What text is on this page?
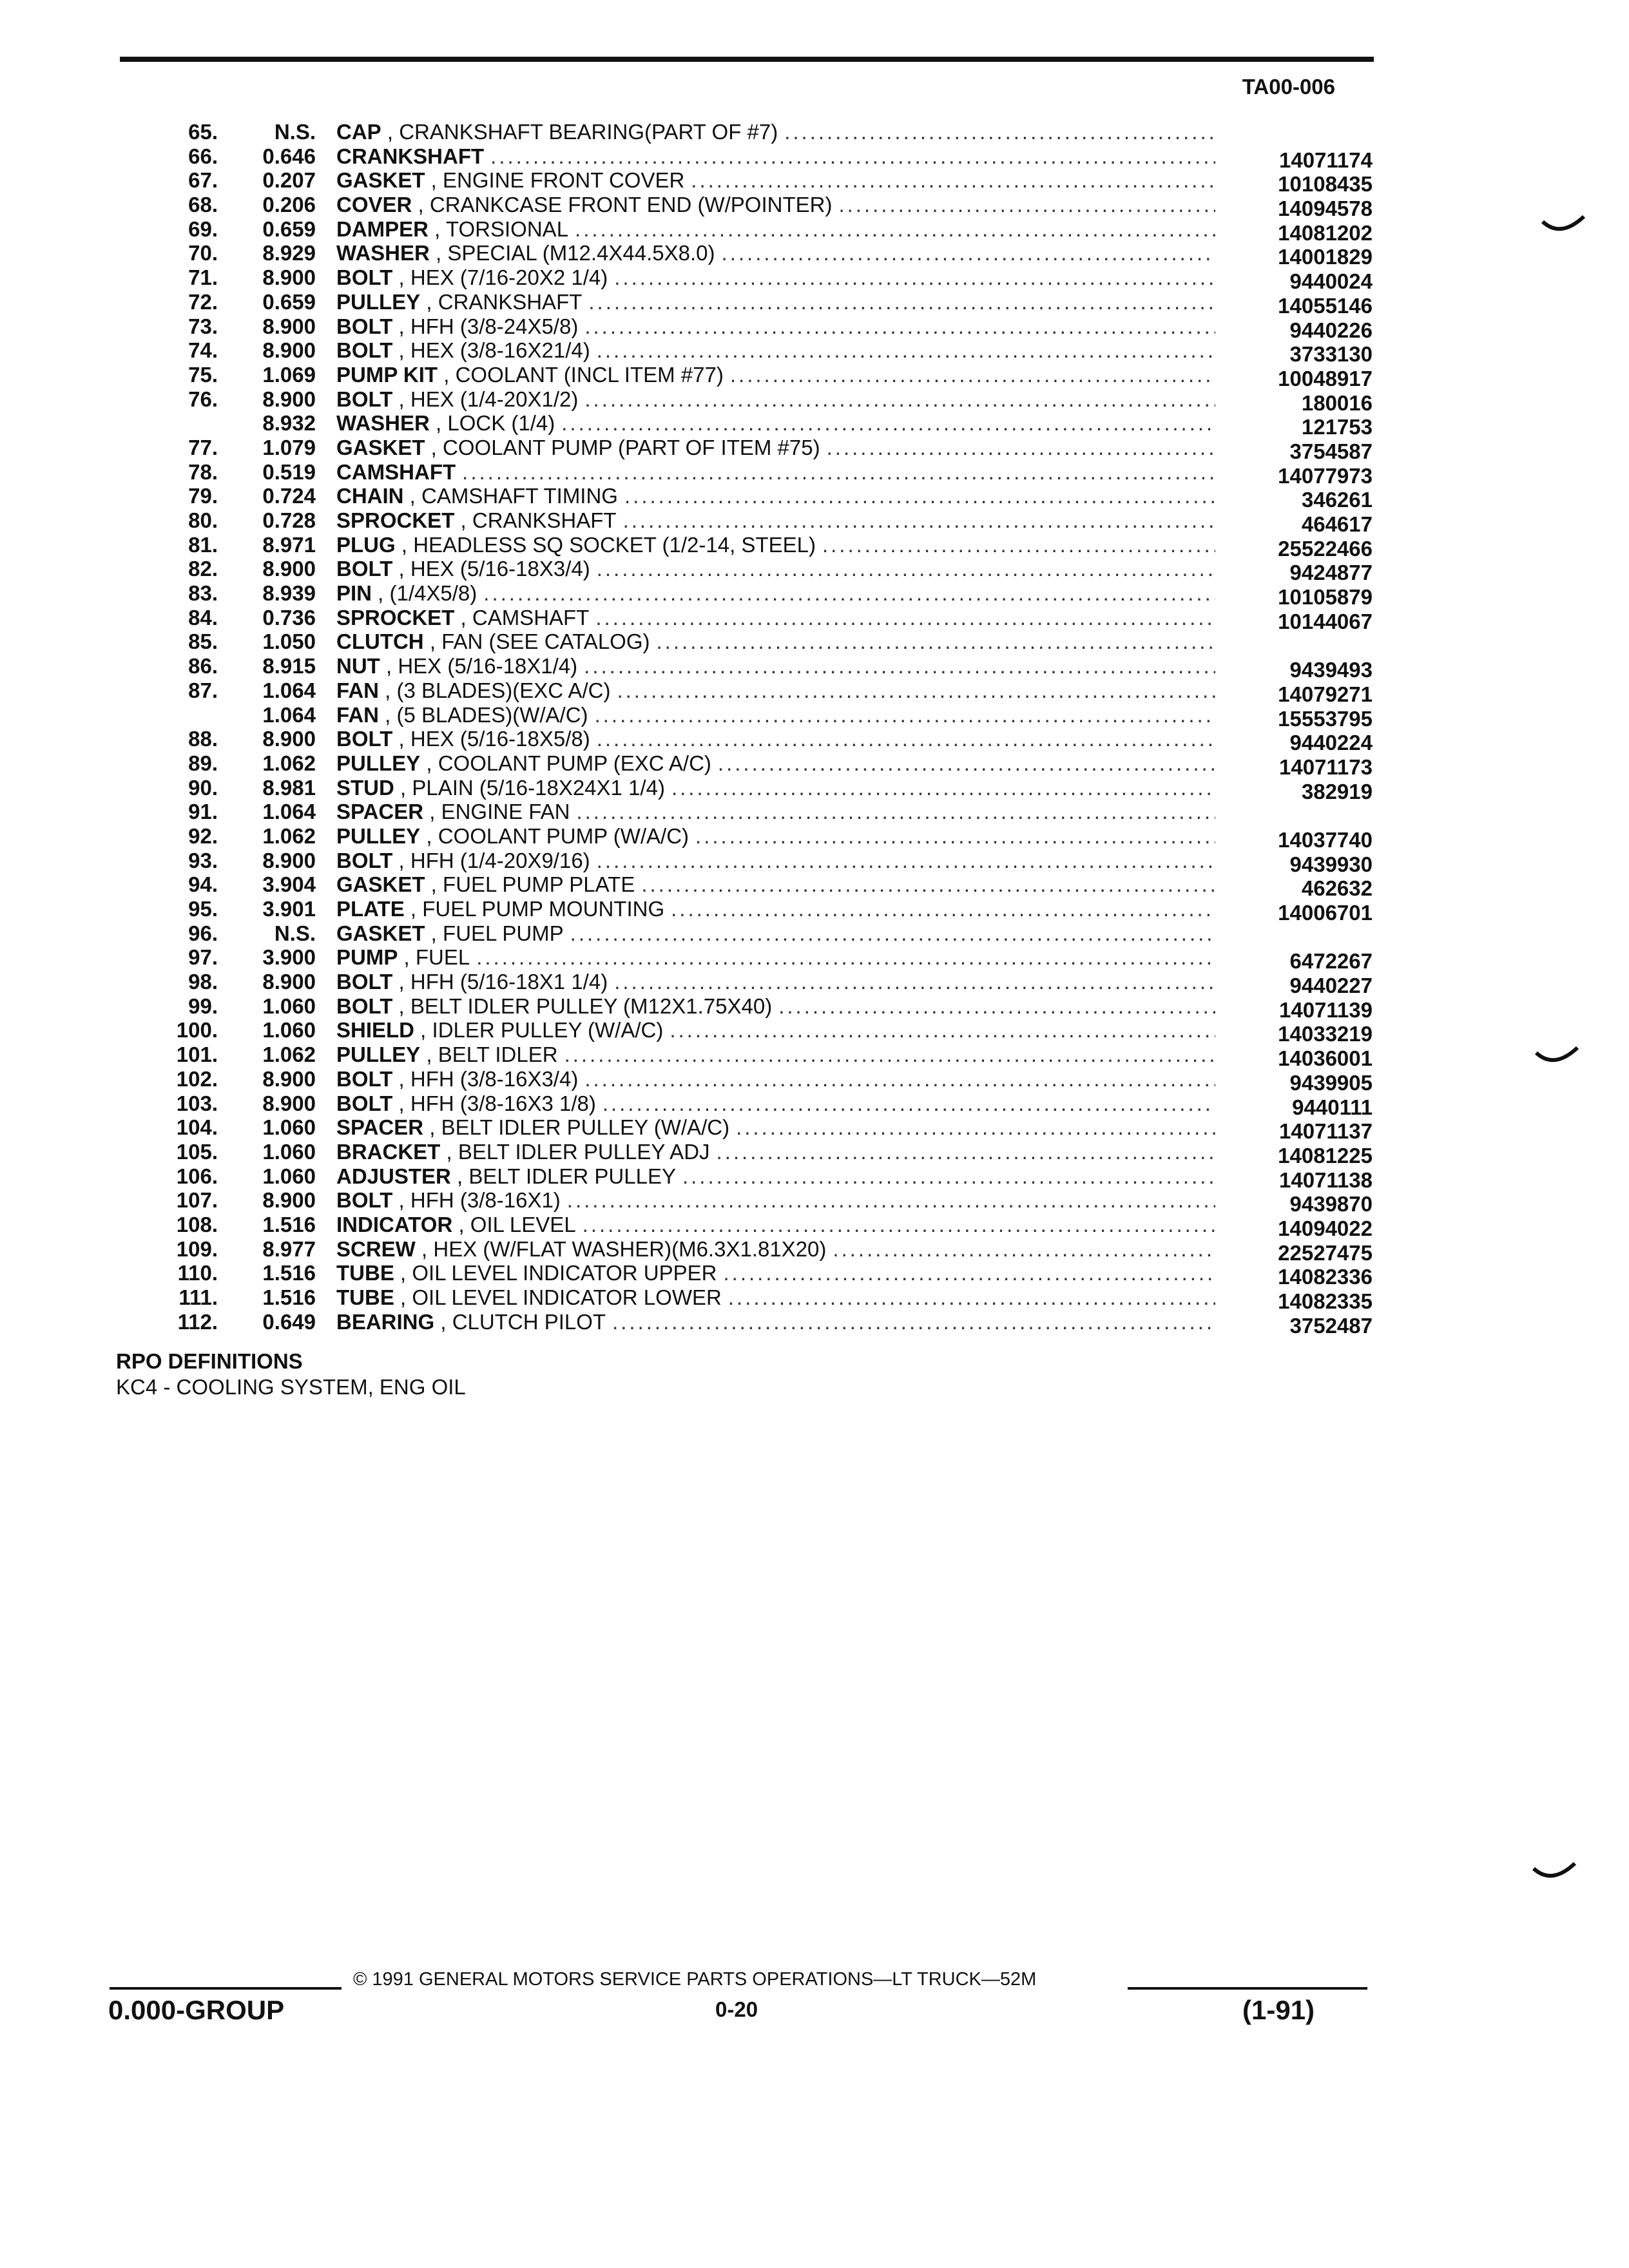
TA00-006
65.	N.S. CAP , CRANKSHAFT BEARING(PART OF #7)
.....
66.	0.646 CRANKSHAFT .....	14071174
67.	0.207 GASKET , ENGINE FRONT COVER .....	10108435
68.	0.206 COVER , CRANKCASE FRONT END (W/POINTER) .....	14094578
69.	0.659 DAMPER , TORSIONAL .....	14081202
70.	8.929 WASHER , SPECIAL (M12.4X44.5X8.0) .....	14001829
71.	8.900 BOLT , HEX (7/16-20X2 1/4) .....	9440024
72.	0.659 PULLEY , CRANKSHAFT .....	14055146
73.	8.900 BOLT , HFH (3/8-24X5/8) .....	9440226
74.	8.900 BOLT , HEX (3/8-16X21/4) .....	3733130
75.	1.069 PUMP KIT , COOLANT (INCL ITEM #77) .....	10048917
76.	8.900 BOLT , HEX (1/4-20X1/2) .....	180016
8.932 WASHER , LOCK (1/4) .....	121753
77.	1.079 GASKET , COOLANT PUMP (PART OF ITEM #75) .....	3754587
78.	0.519 CAMSHAFT .....	14077973
79.	0.724 CHAIN , CAMSHAFT TIMING .....	346261
80.	0.728 SPROCKET , CRANKSHAFT .....	464617
81.	8.971 PLUG , HEADLESS SQ SOCKET (1/2-14, STEEL) .....	25522466
82.	8.900 BOLT , HEX (5/16-18X3/4) .....	9424877
83.	8.939 PIN , (1/4X5/8) .....	10105879
84.	0.736 SPROCKET , CAMSHAFT .....	10144067
85.	1.050 CLUTCH , FAN (SEE CATALOG)
.....
86.	8.915 NUT , HEX (5/16-18X1/4) .....	9439493
87.	1.064 FAN , (3 BLADES)(EXC A/C) .....	14079271
1.064 FAN , (5 BLADES)(W/A/C) .....	15553795
88.	8.900 BOLT , HEX (5/16-18X5/8) .....	9440224
89.	1.062 PULLEY , COOLANT PUMP (EXC A/C) .....	14071173
90.	8.981 STUD , PLAIN (5/16-18X24X1 1/4) .....	382919
91.	1.064 SPACER , ENGINE FAN
.....
92.	1.062 PULLEY , COOLANT PUMP (W/A/C) .....	14037740
93.	8.900 BOLT , HFH (1/4-20X9/16) .....	9439930
94.	3.904 GASKET , FUEL PUMP PLATE .....	462632
95.	3.901 PLATE , FUEL PUMP MOUNTING .....	14006701
96.	N.S. GASKET , FUEL PUMP
.....
97.	3.900 PUMP , FUEL .....	6472267
98.	8.900 BOLT , HFH (5/16-18X1 1/4) .....	9440227
99.	1.060 BOLT , BELT IDLER PULLEY (M12X1.75X40) .....	14071139
100.	1.060 SHIELD , IDLER PULLEY (W/A/C) .....	14033219
101.	1.062 PULLEY , BELT IDLER .....	14036001
102.	8.900 BOLT , HFH (3/8-16X3/4) .....	9439905
103.	8.900 BOLT , HFH (3/8-16X3 1/8) .....	9440111
104.	1.060 SPACER , BELT IDLER PULLEY (W/A/C) .....	14071137
105.	1.060 BRACKET , BELT IDLER PULLEY ADJ .....	14081225
106.	1.060 ADJUSTER , BELT IDLER PULLEY .....	14071138
107.	8.900 BOLT , HFH (3/8-16X1) .....	9439870
108.	1.516 INDICATOR , OIL LEVEL .....	14094022
109.	8.977 SCREW , HEX (W/FLAT WASHER)(M6.3X1.81X20) .....	22527475
110.	1.516 TUBE , OIL LEVEL INDICATOR UPPER .....	14082336
111.	1.516 TUBE , OIL LEVEL INDICATOR LOWER .....	14082335
112.	0.649 BEARING , CLUTCH PILOT .....	3752487
RPO DEFINITIONS
KC4 - COOLING SYSTEM, ENG OIL
© 1991 GENERAL MOTORS SERVICE PARTS OPERATIONS—LT TRUCK—52M
0.000-GROUP	0-20	(1-91)
